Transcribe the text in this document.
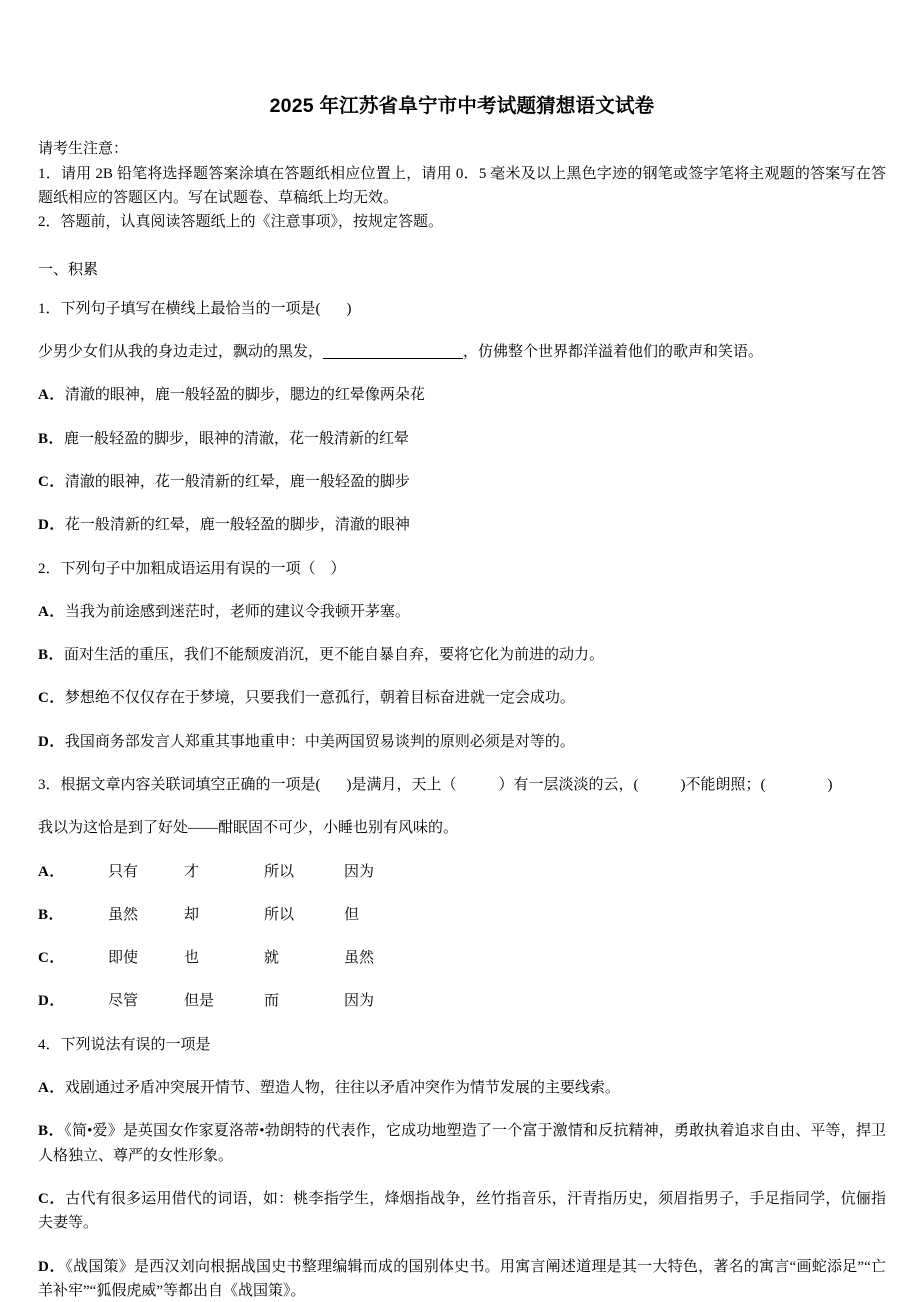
2025 年江苏省阜宁市中考试题猜想语文试卷
请考生注意：
1．请用 2B 铅笔将选择题答案涂填在答题纸相应位置上，请用 0．5 毫米及以上黑色字迹的钢笔或签字笔将主观题的答案写在答题纸相应的答题区内。写在试题卷、草稿纸上均无效。
2．答题前，认真阅读答题纸上的《注意事项》，按规定答题。
一、积累
1．下列句子填写在横线上最恰当的一项是( )
少男少女们从我的身边走过，飘动的黑发，	，仿佛整个世界都洋溢着他们的歌声和笑语。
A．清澈的眼神，鹿一般轻盈的脚步，腮边的红晕像两朵花
B．鹿一般轻盈的脚步，眼神的清澈，花一般清新的红晕
C．清澈的眼神，花一般清新的红晕，鹿一般轻盈的脚步
D．花一般清新的红晕，鹿一般轻盈的脚步，清澈的眼神
2．下列句子中加粗成语运用有误的一项（　）
A．当我为前途感到迷茫时，老师的建议令我顿开茅塞。
B．面对生活的重压，我们不能颓废消沉，更不能自暴自弃，要将它化为前进的动力。
C．梦想绝不仅仅存在于梦境，只要我们一意孤行，朝着目标奋进就一定会成功。
D．我国商务部发言人郑重其事地重申：中美两国贸易谈判的原则必须是对等的。
3．根据文章内容关联词填空正确的一项是( )是满月，天上（	）有一层淡淡的云，(	)不能朗照；(	)
我以为这恰是到了好处——酣眠固不可少，小睡也别有风味的。
A．	只有	才	所以	因为
B．	虽然	却	所以	但
C．	即使	也	就	虽然
D．	尽管	但是	而	因为
4．下列说法有误的一项是
A．戏剧通过矛盾冲突展开情节、塑造人物，往往以矛盾冲突作为情节发展的主要线索。
B．《简•爱》是英国女作家夏洛蒂•勃朗特的代表作，它成功地塑造了一个富于激情和反抗精神，勇敢执着追求自由、平等，捍卫人格独立、尊严的女性形象。
C．古代有很多运用借代的词语，如：桃李指学生，烽烟指战争，丝竹指音乐，汗青指历史，须眉指男子，手足指同学，伉俪指夫妻等。
D．《战国策》是西汉刘向根据战国史书整理编辑而成的国别体史书。用寓言阐述道理是其一大特色，著名的寓言“画蛇添足”“亡羊补牢”“狐假虎威”等都出自《战国策》。
